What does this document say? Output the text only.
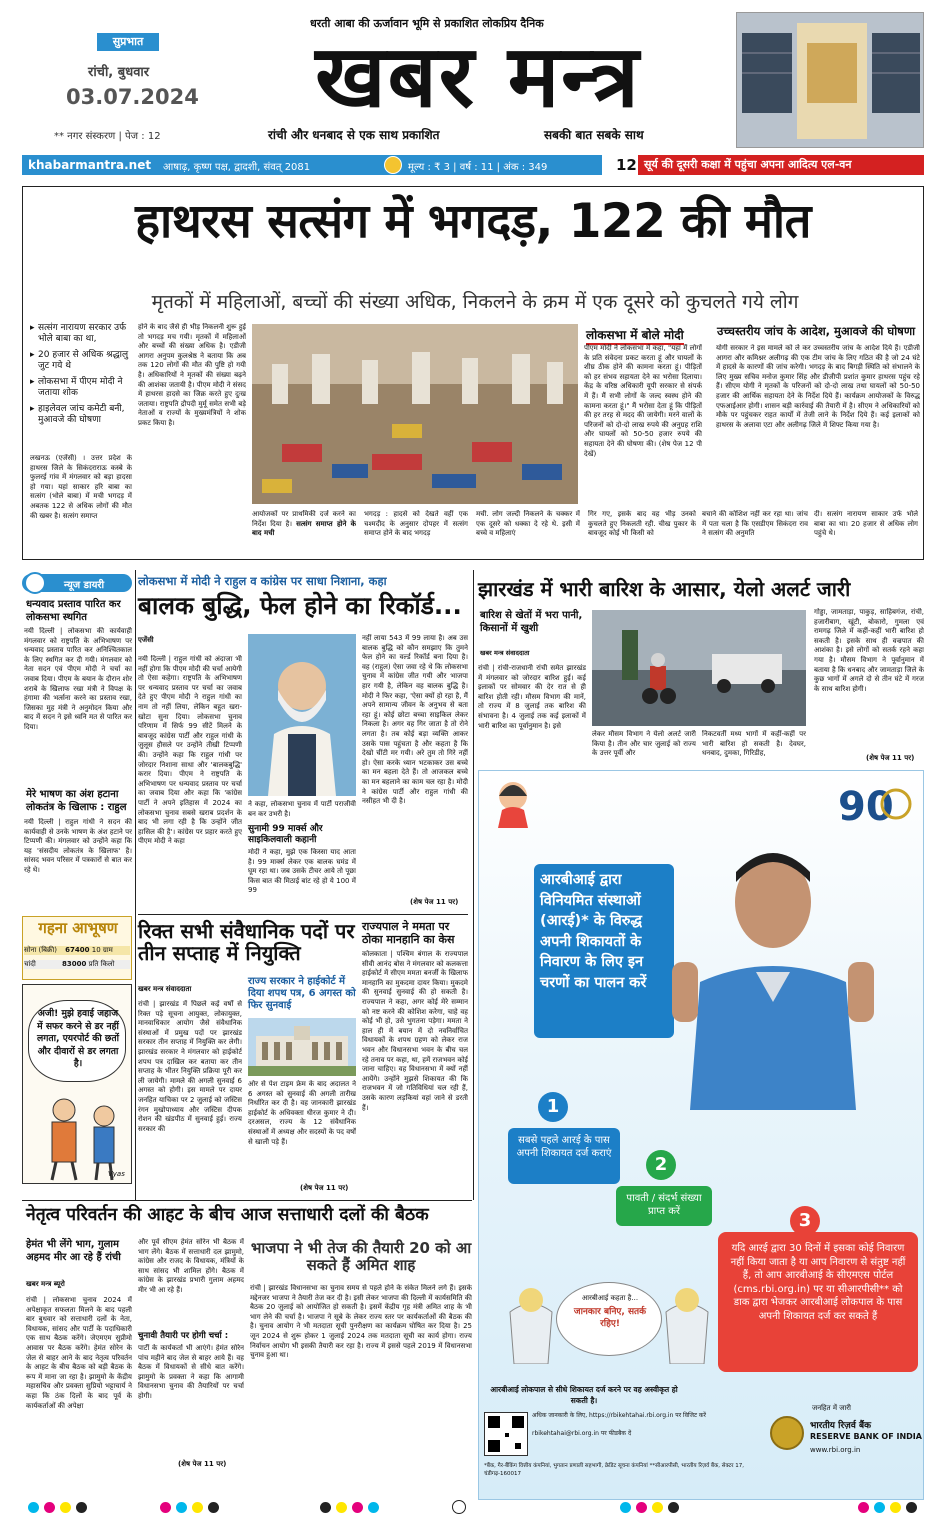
सुप्रभात
रांची, बुधवार
03.07.2024
** नगर संस्करण | पेज : 12
धरती आबा की ऊर्जावान भूमि से प्रकाशित लोकप्रिय दैनिक
खबर मन्त्र
रांची और धनबाद से एक साथ प्रकाशित	सबकी बात सबके साथ
khabarmantra.net आषाढ़, कृष्ण पक्ष, द्वादशी, संवत् 2081	मूल्य : ₹ 3 | वर्ष : 11 | अंक : 349	12 सूर्य की दूसरी कक्षा में पहुंचा अपना आदित्य एल-वन
हाथरस सत्संग में भगदड़, 122 की मौत
मृतकों में महिलाओं, बच्चों की संख्या अधिक, निकलने के क्रम में एक दूसरे को कुचलते गये लोग
▸ सत्संग नारायण सरकार उर्फ भोले बाबा का था,
▸ 20 हजार से अधिक श्रद्धालु जुट गये थे
▸ लोकसभा में पीएम मोदी ने जताया शोक
▸ हाइलेवल जांच कमेटी बनी, मुआवजे की घोषणा
लखनऊ (एजेंसी) । उत्तर प्रदेश के हाथरस जिले के सिकंदराराऊ कस्बे के फुलरई गांव में मंगलवार को बड़ा हादसा हो गया। यहां साकार हरि बाबा का सत्संग (भोले बाबा) में मची भगदड़ में अबतक 122 से अधिक लोगों की मौत की खबर है। सत्संग समाप्त
होने के बाद जैसे ही भीड़ निकलनी शुरू हुई तो भगदड़ मच गयी। मृतकों में महिलाओं और बच्चों की संख्या अधिक है। एडीजी आगरा अनुपम कुलश्रेष्ठ ने बताया कि अब तक 120 लोगों की मौत की पुष्टि हो गयी है। अधिकारियों ने मृतकों की संख्या बढ़ने की आशंका जतायी है। पीएम मोदी ने संसद में हाथरस हादसे का जिक्र करते हुए दुःख जताया। राष्ट्रपति द्रौपदी मुर्मू समेत सभी बड़े नेताओं व राज्यों के मुख्यमंत्रियों ने शोक प्रकट किया है।
आयोजकों पर प्राथमिकी दर्ज करने का निर्देश दिया है। सत्संग समाप्त होने के बाद मची
भगदड़ : हादसे को देखते वहीं एक चश्मदीद के अनुसार दोपहर में सत्संग समाप्त होने के बाद भगदड़
मची. लोग जल्दी निकलने के चक्कर में एक दूसरे को धक्का दे रहे थे. इसी में बच्चे व महिलाएं
लोकसभा में बोले मोदी
पीएम मोदी ने लोकसभा में कहा, "यहां मैं लोगों के प्रति संवेदना प्रकट करता हूं और घायलों के शीघ्र ठीक होने की कामना करता हूं। पीड़ितों को हर संभव सहायता देने का भरोसा दिलाया। केंद्र के वरिष्ठ अधिकारी यूपी सरकार से संपर्क में हैं। मैं सभी लोगों के जल्द स्वस्थ होने की कामना करता हूं।" मैं भरोसा देता हूं कि पीड़ितों की हर तरह से मदद की जायेगी। मरने वालों के परिजनों को दो-दो लाख रुपये की अनुग्रह राशि और घायलों को 50-50 हजार रुपये की सहायता देने की घोषणा की। (शेष पेज 12 पी देखें)
गिर गए, इसके बाद वह भीड़ उनको कुचलते हुए निकलती रही. चीख पुकार के बावजूद कोई भी किसी को
बचाने की कोशिश नहीं कर रहा था। जांच में पता चला है कि एसडीएम सिकंदरा राव ने सत्संग की अनुमति
दी। सत्संग नारायण साकार उर्फ भोले बाबा का था। 20 हजार से अधिक लोग पहुंचे थे।
उच्चस्तरीय जांच के आदेश, मुआवजे की घोषणा
योगी सरकार ने इस मामले को ले कर उच्चस्तरीय जांच के आदेश दिये हैं। एडीजी आगरा और कमिश्नर अलीगढ़ की एक टीम जांच के लिए गठित की है जो 24 घंटे में हादसे के कारणों की जांच करेगी। भगदड़ के बाद बिगड़ी स्थिति को संभालने के लिए मुख्य सचिव मनोज कुमार सिंह और डीजीपी प्रशांत कुमार हाथरस पहुंच रहे हैं। सीएम योगी ने मृतकों के परिजनों को दो-दो लाख तथा घायलों को 50-50 हजार की आर्थिक सहायता देने के निर्देश दिये हैं। कार्यक्रम आयोजकों के विरुद्ध एफआईआर होगी। शासन बड़ी कार्रवाई की तैयारी में है। सीएम ने अधिकारियों को मौके पर पहुंचकर राहत कार्यों में तेजी लाने के निर्देश दिये हैं। कई इलाकों को हाथरस के अलावा एटा और अलीगढ़ जिले में शिफ्ट किया गया है।
न्यूज डायरी
धन्यवाद प्रस्ताव पारित कर लोकसभा स्थगित
नयी दिल्ली | लोकसभा की कार्यवाही मंगलवार को राष्ट्रपति के अभिभाषण पर धन्यवाद प्रस्ताव पारित कर अनिश्चितकाल के लिए स्थगित कर दी गयी। मंगलवार को नेता सदन एवं पीएम मोदी ने चर्चा का जवाब दिया। पीएम के बयान के दौरान शोर शराबे के खिलाफ रखा मंत्री ने विपक्ष के हंगामा की भर्त्सना करने का प्रस्ताव रखा, जिसका मुह मंत्री ने अनुमोदन किया और बाद में सदन ने इसे ध्वनि मत से पारित कर दिया।
मेरे भाषण का अंश हटाना लोकतंत्र के खिलाफ : राहुल
नयी दिल्ली | राहुल गांधी ने सदन की कार्यवाही से उनके भाषण के अंश हटाने पर टिप्पणी की। मंगलवार को उन्होंने कहा कि यह 'संसदीय लोकतंत्र के खिलाफ' है। सांसद भवन परिसर में पत्रकारों से बात कर रहे थे।
गहना आभूषण
सोना (बिक्री) 67400 10 ग्राम
चांदी	83000 प्रति किलो
अजी! मुझे हवाई जहाज में सफर करने से डर नहीं लगता, एयरपोर्ट की छतों और दीवारों से डर लगता है।
Vyas
लोकसभा में मोदी ने राहुल व कांग्रेस पर साधा निशाना, कहा
बालक बुद्धि, फेल होने का रिकॉर्ड...
एजेंसी
नयी दिल्ली | राहुल गांधी को अंदाजा भी नहीं होगा कि पीएम मोदी की चर्चा आयेगी तो ऐसा कहेगा। राष्ट्रपति के अभिभाषण पर धन्यवाद प्रस्ताव पर चर्चा का जवाब देते हुए पीएम मोदी ने राहुल गांधी का नाम तो नहीं लिया, लेकिन बहुत खरा-खोटा सुना दिया। लोकसभा चुनाव परिणाम में सिर्फ 99 सीटें मिलने के बावजूद कांग्रेस पार्टी और राहुल गांधी के जुलूस हौसले पर उन्होंने तीखी टिप्पणी की। उन्होंने कहा कि राहुल गांधी पर जोरदार निशाना साधा और 'बालकबुद्धि' करार दिया। पीएम ने राष्ट्रपति के अभिभाषण पर धन्यवाद प्रस्ताव पर चर्चा का जवाब दिया और कहा कि 'कांग्रेस पार्टी ने अपने इतिहास में 2024 का लोकसभा चुनाव सबसे खराब प्रदर्शन के बाद भी लगा रही है कि उन्होंने जीत हासिल की है'। कांग्रेस पर प्रहार करते हुए पीएम मोदी ने कहा
ने कहा, लोकसभा चुनाव में पार्टी पराजीवी बन कर उभरी है।
सुनामी 99 मार्क्स और साइकिलवाली कहानी
मोदी ने कहा, मुझे एक किस्सा याद आता है। 99 मार्क्स लेकर एक बालक घमंड में घूम रहा था। जब उसके टीचर आये तो पूछा किस बात की मिठाई बांट रहे हो ये 100 में 99
नहीं लाया 543 में 99 लाया है। अब उस बालक बुद्धि को कौन समझाए कि तुमने फेल होने का वर्ल्ड रिकॉर्ड बना दिया है। वह (राहुल) ऐसा जवा रहे थे कि लोकसभा चुनाव में कांग्रेस जीत गयी और भाजपा हार गयी है, लेकिन वह बालक बुद्धि है। मोदी ने फिर कहा, 'ऐसा क्यों हो रहा है, मैं अपने सामान्य जीवन के अनुभव से बता रहा हूं। कोई छोटा बच्चा साइकिल लेकर निकला है। अगर वह गिर जाता है तो रोने लगता है। तब कोई बड़ा व्यक्ति आकर उसके पास पहुंचता है और कहता है कि देखो चींटी मर गयी। अरे तुम तो गिरे नहीं हो। ऐसा करके ध्यान भटकाकर उस बच्चे का मन बहला देते हैं। तो आजकल बच्चे का मन बहलाने का काम चल रहा है। मोदी ने कांग्रेस पार्टी और राहुल गांधी की नसीहत भी दी है।
(शेष पेज 11 पर)
रिक्त सभी संवैधानिक पदों पर तीन सप्ताह में नियुक्ति
खबर मन्त्र संवाददाता
रांची | झारखंड में पिछले कई वर्षों से रिक्त पड़े सूचना आयुक्त, लोकायुक्त, मानवाधिकार आयोग जैसे संवैधानिक संस्थाओं में प्रमुख पदों पर झारखंड सरकार तीन सप्ताह में नियुक्ति कर लेगी। झारखंड सरकार ने मंगलवार को हाईकोर्ट शपथ पत्र दाखिल कर बताया कर तीन सप्ताह के भीतर नियुक्ति प्रक्रिया पूरी कर ली जायेगी। मामले की अगली सुनवाई 6 अगस्त को होगी। इस मामले पर दायर जनहित याचिका पर 2 जुलाई को जस्टिस रंगन मुखोपाध्याय और जस्टिस दीपक रोशन की खंडपीठ में सुनवाई हुई। राज्य सरकार की
राज्य सरकार ने हाईकोर्ट में दिया शपथ पत्र, 6 अगस्त को फिर सुनवाई
ओर से पेश टाइम फ्रेम के बाद अदालत ने 6 अगस्त को सुनवाई की अगली तारीख निर्धारित कर दी है। वह जानकारी झारखंड हाईकोर्ट के अधिवक्ता धीरज कुमार ने दी। दरअसल, राज्य के 12 संवैधानिक संस्थाओं में अध्यक्ष और सदस्यों के पद वर्षों से खाली पड़े हैं।
(शेष पेज 11 पर)
राज्यपाल ने ममता पर ठोका मानहानि का केस
कोलकाता | पश्चिम बंगाल के राज्यपाल सीवी आनंद बोस ने मंगलवार को कलकत्ता हाईकोर्ट में सीएम ममता बनर्जी के खिलाफ मानहानि का मुकदमा दायर किया। मुकदमे की सुनवाई सुनवाई की हो सकती है। राज्यपाल ने कहा, अगर कोई मेरे सम्मान को नष्ट करने की कोशिश करेगा, चाहे वह कोई भी हो, उसे भुगतना पड़ेगा। ममता ने हाल ही में बयान में दो नवनिर्वाचित विधायकों के शपथ ग्रहण को लेकर राज भवन और विधानसभा भवन के बीच चल रहे तनाव पर कहा, था, हमें राजभवन कोई जाना चाहिए। वह विधानसभा में क्यों नहीं आयेंगे। उन्होंने मुझसे शिकायत की कि राजभवन में जो गतिविधियां चल रही हैं, उसके कारण लड़कियां वहां जाने से डरती हैं।
झारखंड में भारी बारिश के आसार, येलो अलर्ट जारी
बारिश से खेतों में भरा पानी, किसानों में खुशी
खबर मन्त्र संवाददाता
रांची | रांची-राजधानी रांची समेत झारखंड में मंगलवार को जोरदार बारिश हुई। कई इलाकों पर सोमवार की देर रात से ही बारिश होती रही। मौसम विभाग की मानें, तो राज्य में 8 जुलाई तक बारिश की संभावना है। 4 जुलाई तक कई इलाकों में भारी बारिश का पूर्वानुमान है। इसे
लेकर मौसम विभाग ने येलो अलर्ट जारी किया है। तीन और चार जुलाई को राज्य के उत्तर पूर्वी और
निकटवर्ती मध्य भागों में कहीं-कहीं पर भारी बारिश हो सकती है। देवघर, धनबाद, दुमका, गिरिडीह,
गोड्डा, जामताड़ा, पाकुड़, साहिबगंज, रांची, हजारीबाग, खूंटी, बोकारो, गुमला एवं रामगढ़ जिले में कहीं-कहीं भारी बारिश हो सकती है। इसके साथ ही वज्रपात की आशंका है। इसे लोगों को सतर्क रहने कहा गया है। मौसम विभाग ने पूर्वानुमान में बताया है कि धनबाद और जामताड़ा जिले के कुछ भागों में अगले दो से तीन घंटे में गरज के साथ बारिश होगी।
(शेष पेज 11 पर)
90
आरबीआई द्वारा विनियमित संस्थाओं (आरई)* के विरुद्ध अपनी शिकायतों के निवारण के लिए इन चरणों का पालन करें
1
सबसे पहले आरई के पास अपनी शिकायत दर्ज कराएं
2
पावती / संदर्भ संख्या प्राप्त करें	3
यदि आरई द्वारा 30 दिनों में इसका कोई निवारण नहीं किया जाता है या आप निवारण से संतुष्ट नहीं हैं, तो आप आरबीआई के सीएमएस पोर्टल (cms.rbi.org.in) पर या सीआरपीसी** को डाक द्वारा भेजकर आरबीआई लोकपाल के पास अपनी शिकायत दर्ज कर सकते हैं
आरबीआई कहता है...
जानकार बनिए, सतर्क रहिए!
आरबीआई लोकपाल से सीधे शिकायत दर्ज करने पर वह अस्वीकृत हो सकती है।
अधिक जानकारी के लिए, https://rbikehtahai.rbi.org.in पर विजिट करें
rbikehtahai@rbi.org.in पर फीडबैक दें
*बैंक, गैर-बैंकिंग वित्तीय कंपनियां, भुगतान प्रणाली सहभागी, क्रेडिट सूचना कंपनियां **सीआरपीसी, भारतीय रिज़र्व बैंक, सेक्टर 17, चंडीगढ़-160017
जनहित में जारी
भारतीय रिज़र्व बैंक
RESERVE BANK OF INDIA
www.rbi.org.in
नेतृत्व परिवर्तन की आहट के बीच आज सत्ताधारी दलों की बैठक
हेमंत भी लेंगे भाग, गुलाम अहमद मीर आ रहे हैं रांची
खबर मन्त्र ब्यूरो
रांची | लोकसभा चुनाव 2024 में अपेक्षाकृत सफलता मिलने के बाद पहली बार बुधवार को सत्ताधारी दलों के नेता, विधायक, सांसद और पार्टी के पदाधिकारी एक साथ बैठक करेंगे। जेएमएम सुप्रीमो आवास पर बैठक करेंगे। हेमंत सोरेन के जेल से बाहर आने के बाद नेतृत्व परिवर्तन के आहट के बीच बैठक को बड़ी बैठक के रूप में माना जा रहा है। झामुमो के केंद्रीय महासचिव और प्रवक्ता सुप्रियो भट्टाचार्य ने कहा कि ठंक दिलों के बाद पूर्व के कार्यकर्ताओं की अपेक्षा
और पूर्व सीएम हेमंत सोरेन भी बैठक में भाग लेंगे। बैठक में सत्ताधारी दल झामुमो, कांग्रेस और राजद के विधायक, मंत्रियों के साथ सांसद भी शामिल होंगे। बैठक में कांग्रेस के झारखंड प्रभारी गुलाम अहमद मीर भी आ रहे हैं।
चुनावी तैयारी पर होगी चर्चा :
पार्टी के कार्यकर्ता भी आएंगे। हेमंत सोरेन पांच महीने बाद जेल से बाहर आये हैं। वह बैठक में विधायकों से सीधे बात करेंगे। झामुमो के प्रवक्ता ने कहा कि आगामी विधानसभा चुनाव की तैयारियों पर चर्चा होगी।
(शेष पेज 11 पर)
भाजपा ने भी तेज की तैयारी 20 को आ सकते हैं अमित शाह
रांची | झारखंड विधानसभा का चुनाव समय से पहले होने के संकेत मिलने लगे हैं। इसके मद्देनजर भाजपा ने तैयारी तेज कर दी है। इसी लेकर भाजपा की दिल्ली में कार्यसमिति की बैठक 20 जुलाई को आयोजित हो सकती है। इसमें केंद्रीय गृह मंत्री अमित शाह के भी भाग लेने की चर्चा है। भाजपा ने सूबे के लेकर राज्य स्तर पर कार्यकर्ताओं की बैठक की है। चुनाव आयोग ने भी मतदाता सूची पुनरीक्षण का कार्यक्रम घोषित कर दिया है। 25 जून 2024 से शुरू होकर 1 जुलाई 2024 तक मतदाता सूची का कार्य होगा। राज्य निर्वाचन आयोग भी इसकी तैयारी कर रहा है। राज्य में इससे पहले 2019 में विधानसभा चुनाव हुआ था।
